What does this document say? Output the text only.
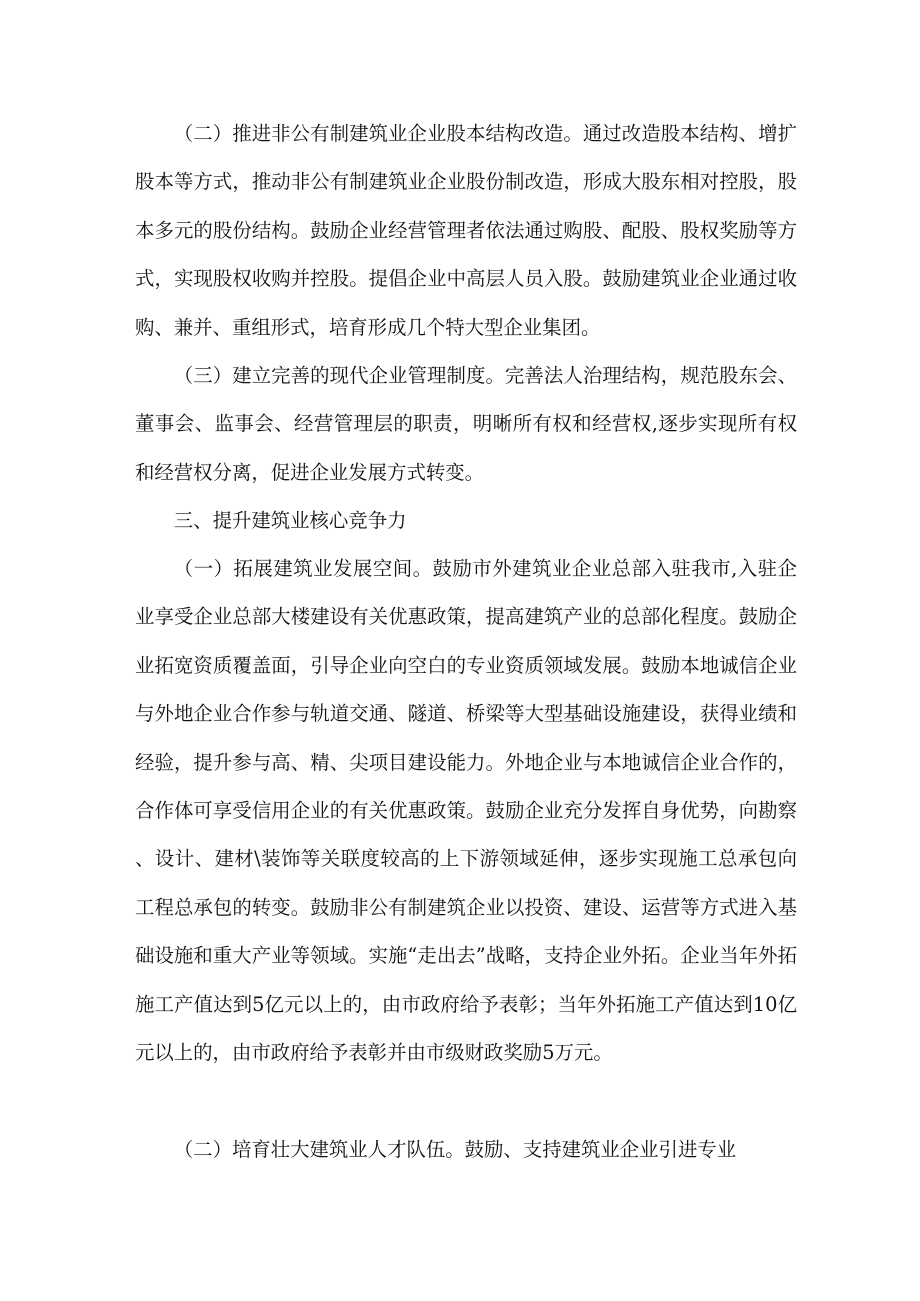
（二）推进非公有制建筑业企业股本结构改造。通过改造股本结构、增扩股本等方式，推动非公有制建筑业企业股份制改造，形成大股东相对控股，股本多元的股份结构。鼓励企业经营管理者依法通过购股、配股、股权奖励等方式，实现股权收购并控股。提倡企业中高层人员入股。鼓励建筑业企业通过收购、兼并、重组形式，培育形成几个特大型企业集团。

（三）建立完善的现代企业管理制度。完善法人治理结构，规范股东会、董事会、监事会、经营管理层的职责，明晰所有权和经营权,逐步实现所有权和经营权分离，促进企业发展方式转变。

三、提升建筑业核心竞争力

（一）拓展建筑业发展空间。鼓励市外建筑业企业总部入驻我市,入驻企业享受企业总部大楼建设有关优惠政策，提高建筑产业的总部化程度。鼓励企业拓宽资质覆盖面，引导企业向空白的专业资质领域发展。鼓励本地诚信企业与外地企业合作参与轨道交通、隧道、桥梁等大型基础设施建设，获得业绩和经验，提升参与高、精、尖项目建设能力。外地企业与本地诚信企业合作的，合作体可享受信用企业的有关优惠政策。鼓励企业充分发挥自身优势，向勘察、设计、建材\装饰等关联度较高的上下游领域延伸，逐步实现施工总承包向工程总承包的转变。鼓励非公有制建筑企业以投资、建设、运营等方式进入基础设施和重大产业等领域。实施“走出去”战略，支持企业外拓。企业当年外拓施工产值达到5亿元以上的，由市政府给予表彰；当年外拓施工产值达到10亿元以上的，由市政府给予表彰并由市级财政奖励5万元。

（二）培育壮大建筑业人才队伍。鼓励、支持建筑业企业引进专业
